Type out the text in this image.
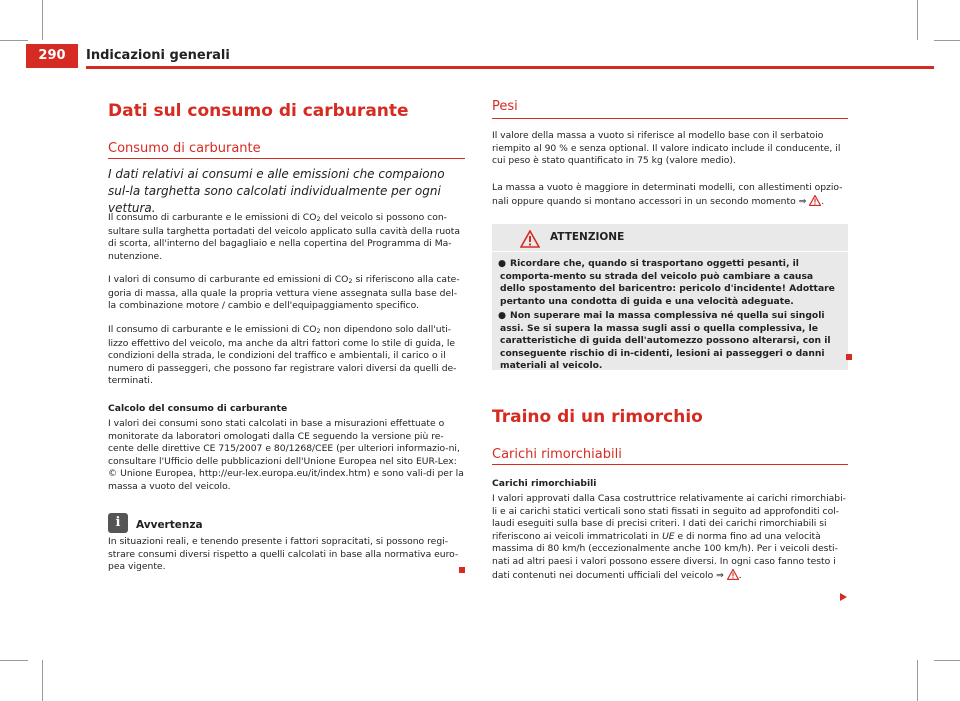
290	Indicazioni generali
Dati sul consumo di carburante
Consumo di carburante
I dati relativi ai consumi e alle emissioni che compaiono sul-la targhetta sono calcolati individualmente per ogni vettura.
Il consumo di carburante e le emissioni di CO2 del veicolo si possono con-sultare sulla targhetta portadati del veicolo applicato sulla cavità della ruota di scorta, all'interno del bagagliaio e nella copertina del Programma di Ma-nutenzione.
I valori di consumo di carburante ed emissioni di CO2 si riferiscono alla cate-goria di massa, alla quale la propria vettura viene assegnata sulla base del-la combinazione motore / cambio e dell'equipaggiamento specifico.
Il consumo di carburante e le emissioni di CO2 non dipendono solo dall'uti-lizzo effettivo del veicolo, ma anche da altri fattori come lo stile di guida, le condizioni della strada, le condizioni del traffico e ambientali, il carico o il numero di passeggeri, che possono far registrare valori diversi da quelli de-terminati.
Calcolo del consumo di carburante
I valori dei consumi sono stati calcolati in base a misurazioni effettuate o monitorate da laboratori omologati dalla CE seguendo la versione più re-cente delle direttive CE 715/2007 e 80/1268/CEE (per ulteriori informazio-ni, consultare l'Ufficio delle pubblicazioni dell'Unione Europea nel sito EUR-Lex: © Unione Europea, http://eur-lex.europa.eu/it/index.htm) e sono vali-di per la massa a vuoto del veicolo.
i	Avvertenza
In situazioni reali, e tenendo presente i fattori sopracitati, si possono regi-strare consumi diversi rispetto a quelli calcolati in base alla normativa euro-pea vigente.
Pesi
Il valore della massa a vuoto si riferisce al modello base con il serbatoio riempito al 90 % e senza optional. Il valore indicato include il conducente, il cui peso è stato quantificato in 75 kg (valore medio).
La massa a vuoto è maggiore in determinati modelli, con allestimenti opzio-nali oppure quando si montano accessori in un secondo momento ⇒ .
ATTENZIONE
● Ricordare che, quando si trasportano oggetti pesanti, il comporta-mento su strada del veicolo può cambiare a causa dello spostamento del baricentro: pericolo d'incidente! Adottare pertanto una condotta di guida e una velocità adeguate.
● Non superare mai la massa complessiva né quella sui singoli assi. Se si supera la massa sugli assi o quella complessiva, le caratteristiche di guida dell'automezzo possono alterarsi, con il conseguente rischio di in-cidenti, lesioni ai passeggeri o danni materiali al veicolo.
Traino di un rimorchio
Carichi rimorchiabili
Carichi rimorchiabili
I valori approvati dalla Casa costruttrice relativamente ai carichi rimorchiabi-li e ai carichi statici verticali sono stati fissati in seguito ad approfonditi col-laudi eseguiti sulla base di precisi criteri. I dati dei carichi rimorchiabili si riferiscono ai veicoli immatricolati in UE e di norma fino ad una velocità massima di 80 km/h (eccezionalmente anche 100 km/h). Per i veicoli desti-nati ad altri paesi i valori possono essere diversi. In ogni caso fanno testo i dati contenuti nei documenti ufficiali del veicolo ⇒ .
